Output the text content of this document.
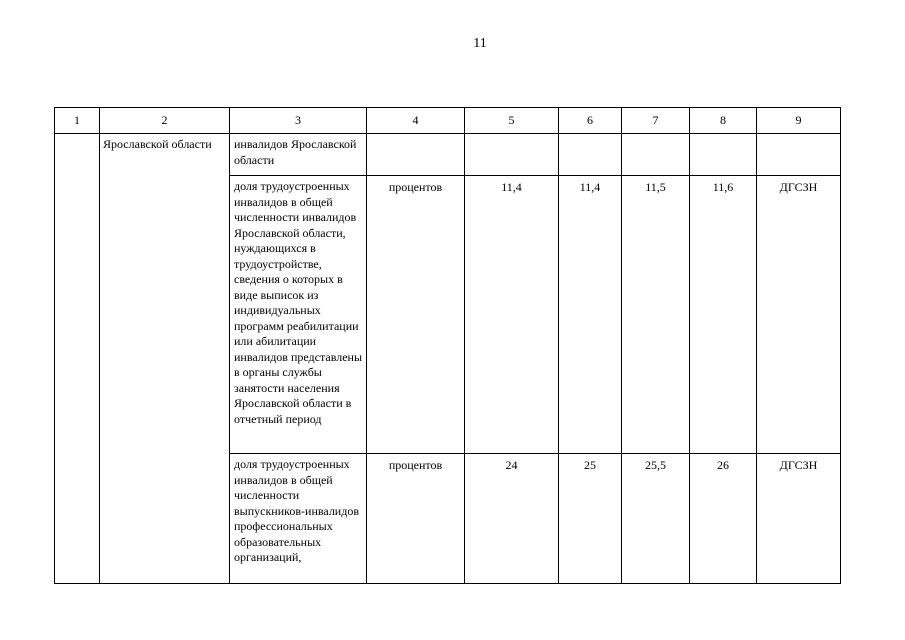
11
1	2	3	4	5	6	7	8	9

	Ярославской области	инвалидов Ярославской области						

		доля трудоустроенных инвалидов в общей численности инвалидов Ярославской области, нуждающихся в трудоустройстве, сведения о которых в виде выписок из индивидуальных программ реабилитации или абилитации инвалидов представлены в органы службы занятости населения Ярославской области в отчетный период	процентов	11,4	11,4	11,5	11,6	ДГСЗН

		доля трудоустроенных инвалидов в общей численности выпускников-инвалидов профессиональных образовательных организаций,	процентов	24	25	25,5	26	ДГСЗН
